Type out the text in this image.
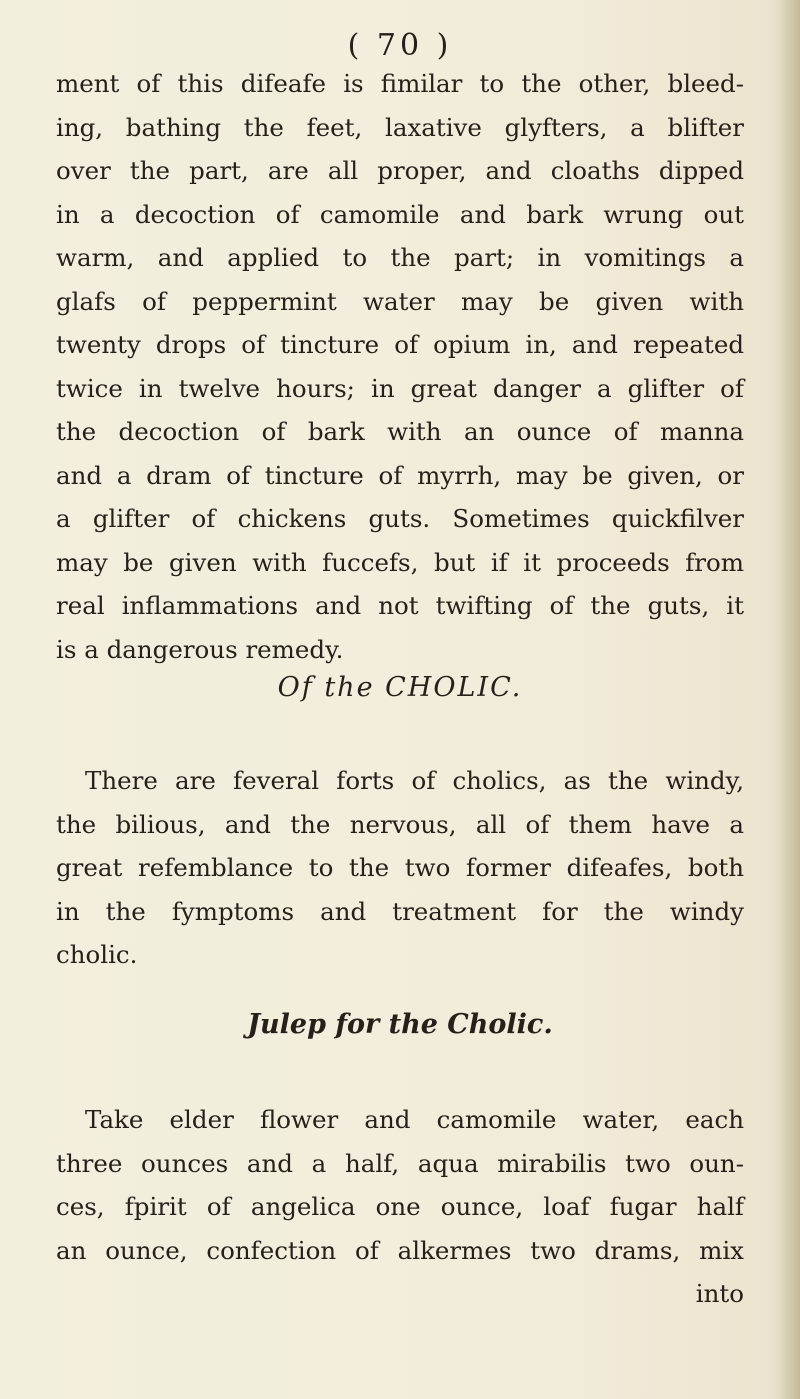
( 70 )
ment of this difeafe is fimilar to the other, bleed-
ing, bathing the feet, laxative glyfters, a blifter
over the part, are all proper, and cloaths dipped
in a decoction of camomile and bark wrung out
warm, and applied to the part; in vomitings a
glafs of peppermint water may be given with
twenty drops of tincture of opium in, and repeated
twice in twelve hours; in great danger a glifter of
the decoction of bark with an ounce of manna
and a dram of tincture of myrrh, may be given, or
a glifter of chickens guts. Sometimes quickfilver
may be given with fuccefs, but if it proceeds from
real inflammations and not twifting of the guts, it
is a dangerous remedy.
Of the CHOLIC.
There are feveral forts of cholics, as the windy,
the bilious, and the nervous, all of them have a
great refemblance to the two former difeafes, both
in the fymptoms and treatment for the windy
cholic.
Julep for the Cholic.
Take elder flower and camomile water, each
three ounces and a half, aqua mirabilis two oun-
ces, fpirit of angelica one ounce, loaf fugar half
an ounce, confection of alkermes two drams, mix
into
